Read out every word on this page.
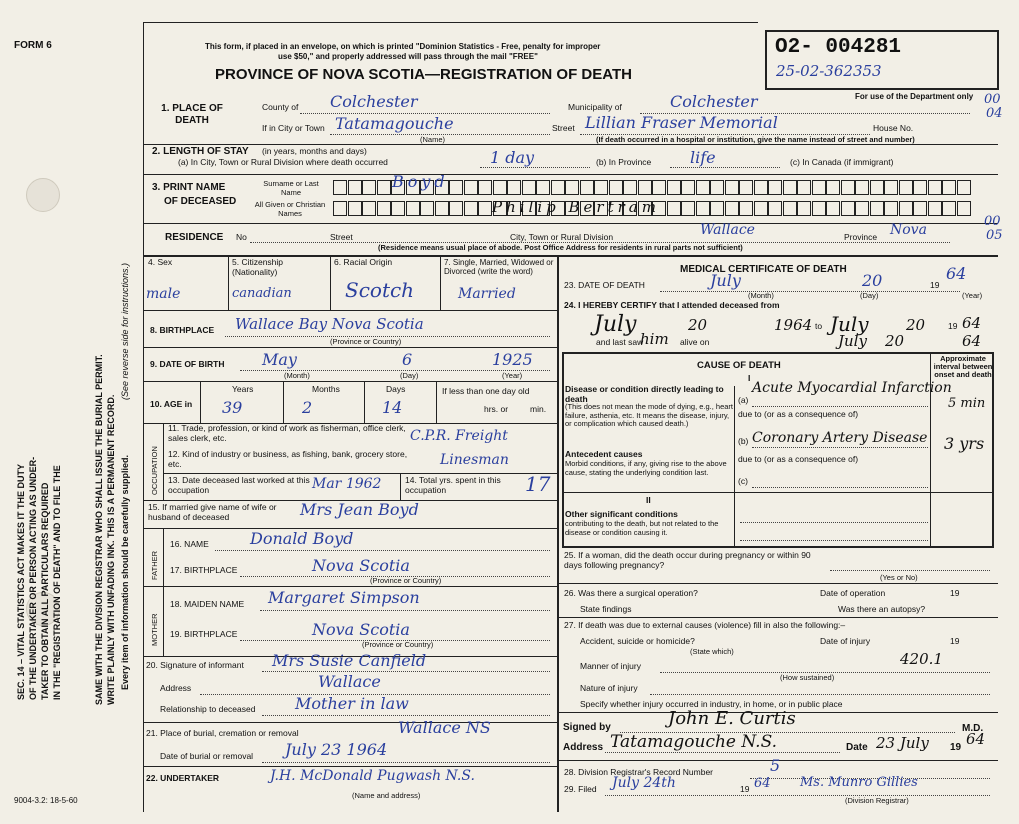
FORM 6
9004-3.2: 18-5-60
SEC. 14 – VITAL STATISTICS ACT MAKES IT THE DUTY OF THE UNDERTAKER OR PERSON ACTING AS UNDER- TAKER TO OBTAIN ALL PARTICULARS REQUIRED IN THE "REGISTRATION OF DEATH" AND TO FILE THE	SAME WITH THE DIVISION REGISTRAR WHO SHALL ISSUE THE BURIAL PERMIT. WRITE PLAINLY WITH UNFADING INK. THIS IS A PERMANENT RECORD. Every item of information should be carefully supplied.
(See reverse side for instructions.)
This form, if placed in an envelope, on which is printed "Dominion Statistics - Free, penalty for improper
use $50," and properly addressed will pass through the mail "FREE"
PROVINCE OF NOVA SCOTIA—REGISTRATION OF DEATH
O2- 004281
25-02-362353
For use of the Department only
1. PLACE OF DEATH
County of Colchester	Municipality of	Colchester
If in City or Town Tatamagouche
(Name)
Street Lillian Fraser Memorial	House No.
(If death occurred in a hospital or institution, give the name instead of street and number)
2. LENGTH OF STAY (in years, months and days)
(a) In City, Town or Rural Division where death occurred	1 day	(b) In Province life	(c) In Canada (if immigrant)
3. PRINT NAME
OF DECEASED
Surname or Last Name
All Given or Christian Names
Boyd
Philip Bertram
RESIDENCE No	Street	City, Town or Rural Division	Wallace	Province Nova
(Residence means usual place of abode. Post Office Address for residents in rural parts not sufficient)
00
04
00
05
4. Sex
male
5. Citizenship (Nationality)
canadian
6. Racial Origin
Scotch
7. Single, Married, Widowed or Divorced (write the word)
Married
8. BIRTHPLACE Wallace Bay Nova Scotia
(Province or Country)
9. DATE OF BIRTH May	6	1925
(Month)	(Day)	(Year)
10. AGE in
Years
39
Months
2
Days
14
If less than one day old
hrs. or	min.
OCCUPATION
11. Trade, profession, or kind of work as fisherman, office clerk, sales clerk, etc.	C.P.R. Freight
12. Kind of industry or business, as fishing, bank, grocery store, etc.	Linesman
13. Date deceased last worked at this occupation	Mar 1962	14. Total yrs. spent in this occupation	17
15. If married give name of wife or husband of deceased	Mrs Jean Boyd
FATHER
16. NAME	Donald Boyd
17. BIRTHPLACE	Nova Scotia
(Province or Country)
MOTHER
18. MAIDEN NAME Margaret Simpson
19. BIRTHPLACE	Nova Scotia
(Province or Country)
20. Signature of informant Mrs Susie Canfield
Address	Wallace
Relationship to deceased Mother in law
21. Place of burial, cremation or removal	Wallace NS
Date of burial or removal July 23 1964
22. UNDERTAKER	J.H. McDonald Pugwash N.S.
(Name and address)
MEDICAL CERTIFICATE OF DEATH
23. DATE OF DEATH	July	20	19
64
(Month)	(Day)	(Year)
24. I HEREBY CERTIFY that I attended deceased from
July	20	1964 to July 20	19 64
and last saw
him alive on	July 20	64
CAUSE OF DEATH
I
Approximate interval between onset and death
Disease or condition directly leading to death
(This does not mean the mode of dying, e.g., heart failure, asthenia, etc. It means the disease, injury, or complication which caused death.)
(a)
Acute Myocardial Infarction
5 min
due to (or as a consequence of)
(b) Coronary Artery Disease 3 yrs
due to (or as a consequence of)
Antecedent causes
Morbid conditions, if any, giving rise to the above cause, stating the underlying condition last.
(c)
II
Other significant conditions
contributing to the death, but not related to the disease or condition causing it.
25. If a woman, did the death occur during pregnancy or within 90 days following pregnancy?
(Yes or No)
26. Was there a surgical operation?	Date of operation	19
State findings	Was there an autopsy?
27. If death was due to external causes (violence) fill in also the following:–
Accident, suicide or homicide?	Date of injury	19
(State which)
Manner of injury	420.1
(How sustained)
Nature of injury
Specify whether injury occurred in industry, in home, or in public place
Signed by	John E. Curtis	M.D.
Address Tatamagouche N.S.	Date 23 July 19 64
28. Division Registrar's Record Number	5
29. Filed July 24th	19 64 Ms. Munro Gillies
(Division Registrar)
